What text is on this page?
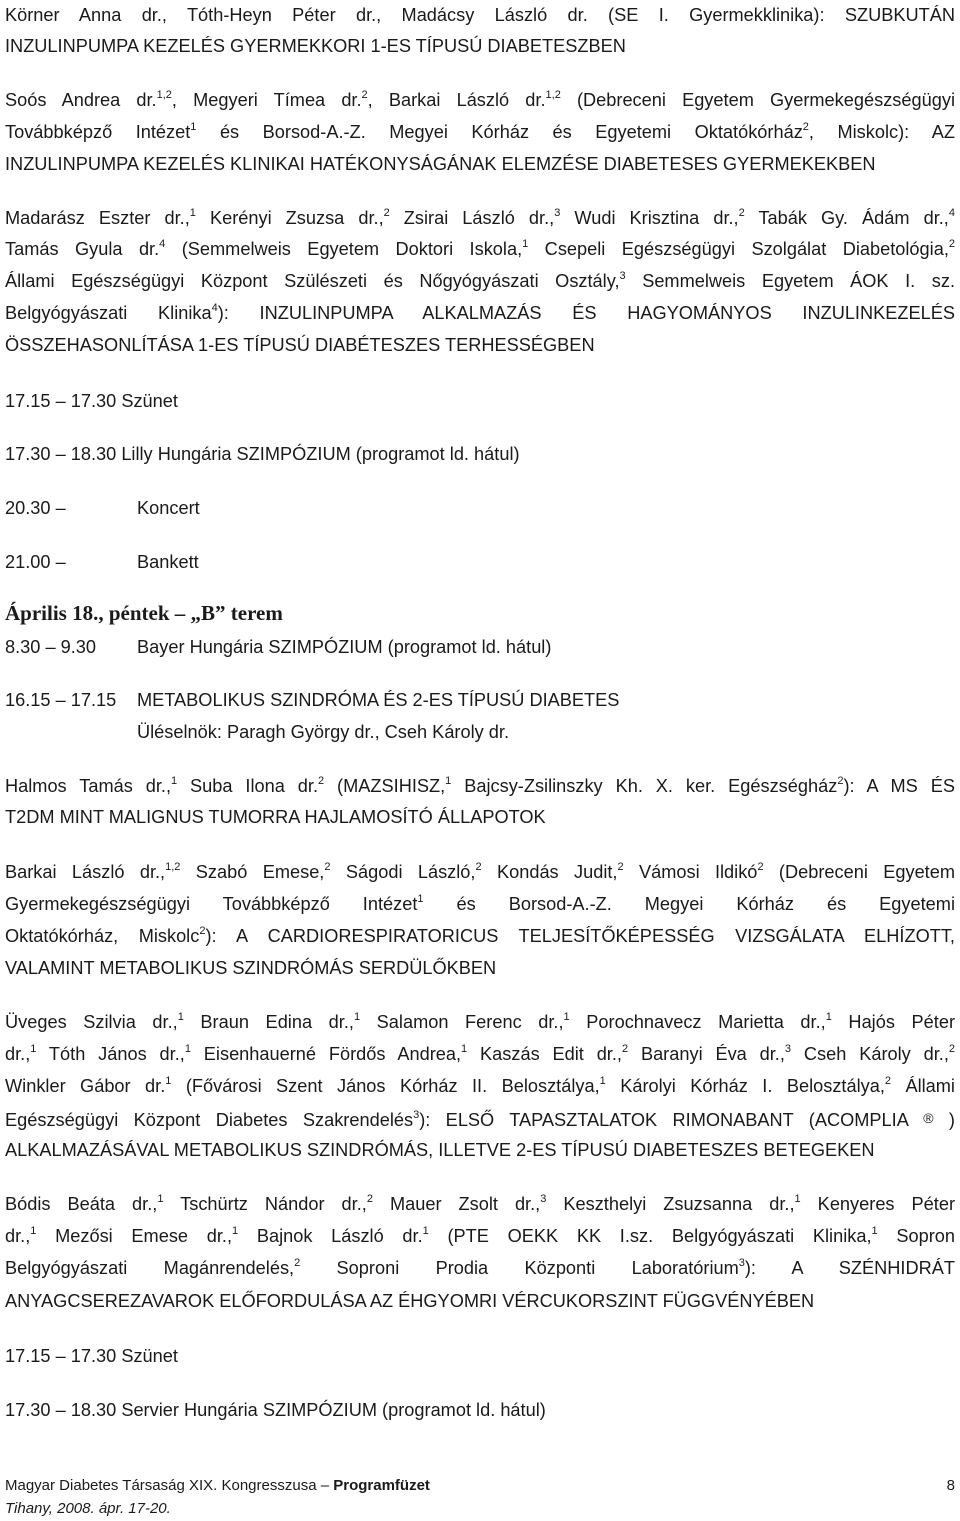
Körner Anna dr., Tóth-Heyn Péter dr., Madácsy László dr. (SE I. Gyermekklinika): SZUBKUTÁN

INZULINPUMPA KEZELÉS GYERMEKKORI 1-ES TÍPUSÚ DIABETESZBEN

Soós Andrea dr.$^{1,2}$, Megyeri Tímea dr.$^2$, Barkai László dr.$^{1,2}$ (Debreceni Egyetem Gyermekegészségügyi

Továbbképző Intézet$^1$ és Borsod-A.-Z. Megyei Kórház és Egyetemi Oktatókórház$^2$, Miskolc): AZ

INZULINPUMPA KEZELÉS KLINIKAI HATÉKONYSÁGÁNAK ELEMZÉSE DIABETESES GYERMEKEKBEN

Madarász Eszter dr.,$^1$ Kerényi Zsuzsa dr.,$^2$ Zsirai László dr.,$^3$ Wudi Krisztina dr.,$^2$ Tabák Gy. Ádám dr.,$^4$

Tamás Gyula dr.$^4$ (Semmelweis Egyetem Doktori Iskola,$^1$ Csepeli Egészségügyi Szolgálat Diabetológia,$^2$

Állami Egészségügyi Központ Szülészeti és Nőgyógyászati Osztály,$^3$ Semmelweis Egyetem ÁOK I. sz.

Belgyógyászati Klinika$^4$): INZULINPUMPA ALKALMAZÁS ÉS HAGYOMÁNYOS INZULINKEZELÉS

ÖSSZEHASONLÍTÁSA 1-ES TÍPUSÚ DIABÉTESZES TERHESSÉGBEN

17.15 – 17.30 Szünet

17.30 – 18.30 Lilly Hungária SZIMPÓZIUM (programot ld. hátul)

20.30 –	Koncert

21.00 –	Bankett

Április 18., péntek – „B” terem

8.30 – 9.30 Bayer Hungária SZIMPÓZIUM (programot ld. hátul)

16.15 – 17.15 METABOLIKUS SZINDRÓMA ÉS 2-ES TÍPUSÚ DIABETES

Üléselnök: Paragh György dr., Cseh Károly dr.

Halmos Tamás dr.,$^1$ Suba Ilona dr.$^2$ (MAZSIHISZ,$^1$ Bajcsy-Zsilinszky Kh. X. ker. Egészségház$^2$): A MS ÉS

T2DM MINT MALIGNUS TUMORRA HAJLAMOSÍTÓ ÁLLAPOTOK

Barkai László dr.,$^{1,2}$ Szabó Emese,$^2$ Ságodi László,$^2$ Kondás Judit,$^2$ Vámosi Ildikó$^2$ (Debreceni Egyetem

Gyermekegészségügyi Továbbképző Intézet$^1$ és Borsod-A.-Z. Megyei Kórház és Egyetemi

Oktatókórház, Miskolc$^2$): A CARDIORESPIRATORICUS TELJESÍTŐKÉPESSÉG VIZSGÁLATA ELHÍZOTT,

VALAMINT METABOLIKUS SZINDRÓMÁS SERDÜLŐKBEN

Üveges Szilvia dr.,$^1$ Braun Edina dr.,$^1$ Salamon Ferenc dr.,$^1$ Porochnavecz Marietta dr.,$^1$ Hajós Péter

dr.,$^1$ Tóth János dr.,$^1$ Eisenhauerné Fördős Andrea,$^1$ Kaszás Edit dr.,$^2$ Baranyi Éva dr.,$^3$ Cseh Károly dr.,$^2$

Winkler Gábor dr.$^1$ (Fővárosi Szent János Kórház II. Belosztálya,$^1$ Károlyi Kórház I. Belosztálya,$^2$ Állami

Egészségügyi Központ Diabetes Szakrendelés$^3$): ELSŐ TAPASZTALATOK RIMONABANT (ACOMPLIA ® )

ALKALMAZÁSÁVAL METABOLIKUS SZINDRÓMÁS, ILLETVE 2-ES TÍPUSÚ DIABETESZES BETEGEKEN

Bódis Beáta dr.,$^1$ Tschürtz Nándor dr.,$^2$ Mauer Zsolt dr.,$^3$ Keszthelyi Zsuzsanna dr.,$^1$ Kenyeres Péter

dr.,$^1$ Mezősi Emese dr.,$^1$ Bajnok László dr.$^1$ (PTE OEKK KK I.sz. Belgyógyászati Klinika,$^1$ Sopron

Belgyógyászati Magánrendelés,$^2$ Soproni Prodia Központi Laboratórium$^3$): A SZÉNHIDRÁT

ANYAGCSEREZAVAROK ELŐFORDULÁSA AZ ÉHGYOMRI VÉRCUKORSZINT FÜGGVÉNYÉBEN

17.15 – 17.30 Szünet

17.30 – 18.30 Servier Hungária SZIMPÓZIUM (programot ld. hátul)

Magyar Diabetes Társaság XIX. Kongresszusa – Programfüzet
Tihany, 2008. ápr. 17-20.
8
